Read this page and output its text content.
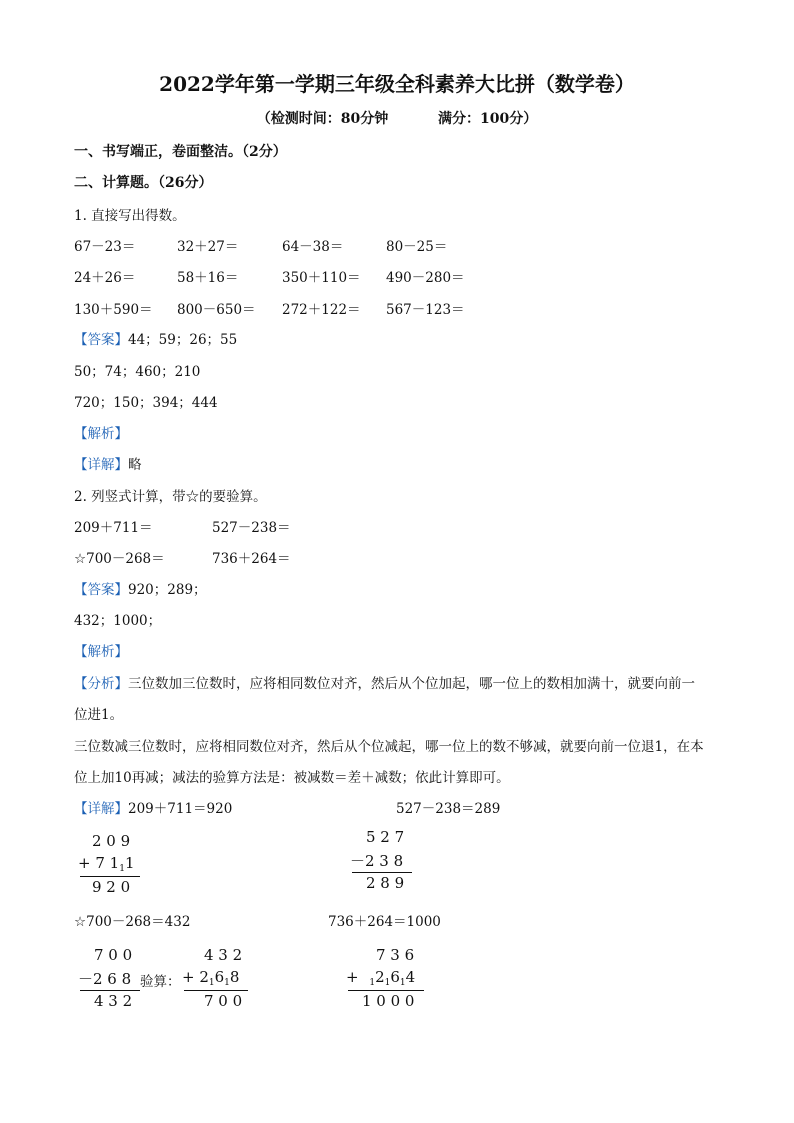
2022学年第一学期三年级全科素养大比拼（数学卷）
（检测时间：80分钟	满分：100分）
一、书写端正，卷面整洁。（2分）
二、计算题。（26分）
1. 直接写出得数。
67－23＝	32＋27＝	64－38＝	80－25＝
24＋26＝	58＋16＝	350＋110＝ 490－280＝
130＋590＝ 800－650＝ 272＋122＝ 567－123＝
【答案】44；59；26；55
50；74；460；210
720；150；394；444
【解析】
【详解】略
2. 列竖式计算，带☆的要验算。
209＋711＝	527－238＝
☆700－268＝	736＋264＝
【答案】920；289；
432；1000；
【解析】
【分析】三位数加三位数时，应将相同数位对齐，然后从个位加起，哪一位上的数相加满十，就要向前一
位进1。
三位数减三位数时，应将相同数位对齐，然后从个位减起，哪一位上的数不够减，就要向前一位退1，在本
位上加10再减；减法的验算方法是：被减数＝差＋减数；依此计算即可。
【详解】209＋711＝920	527－238＝289
2 0 9
+ 7 $1_11$
9 2 0
5 2 7
－2 3 8
2 8 9
☆700－268＝432	736＋264＝1000
7 0 0
－2 6 8
4 3 2
验算：
4 3 2
+ $2_16_18$
7 0 0
7 3 6
+ $_12_16_14$
1 0 0 0
